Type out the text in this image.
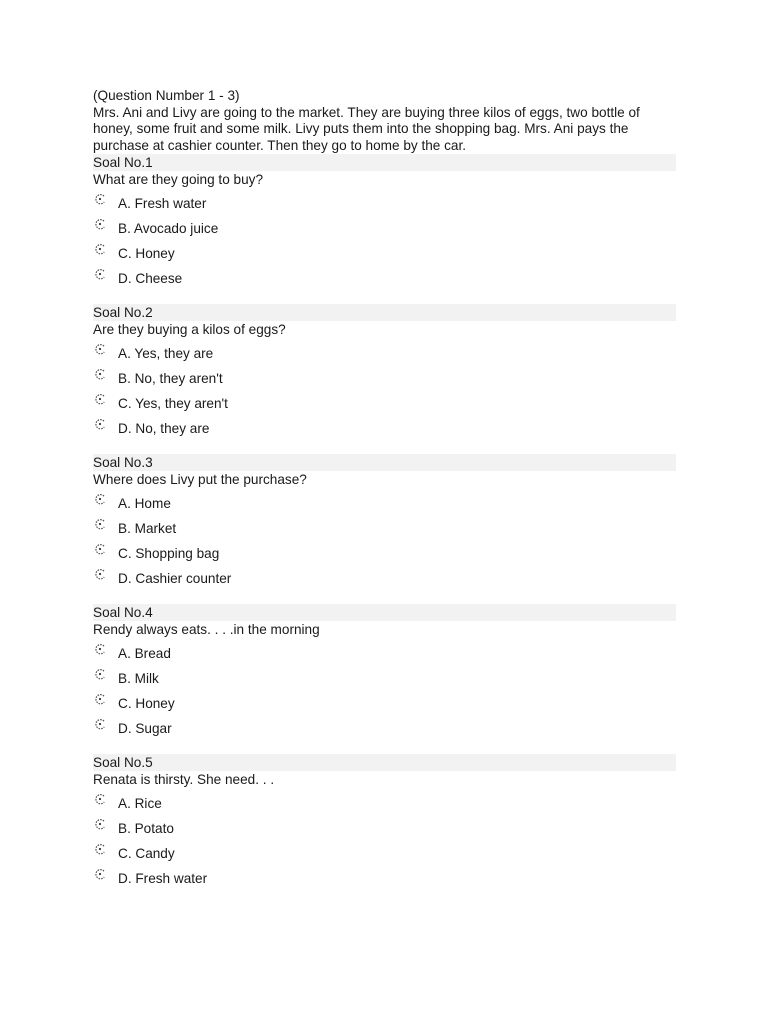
(Question Number 1 - 3)

Mrs. Ani and Livy are going to the market. They are buying three kilos of eggs, two bottle of honey, some fruit and some milk. Livy puts them into the shopping bag. Mrs. Ani pays the purchase at cashier counter. Then they go to home by the car.

Soal No.1
What are they going to buy?
A. Fresh water
B. Avocado juice
C. Honey
D. Cheese
Soal No.2
Are they buying a kilos of eggs?
A. Yes, they are
B. No, they aren't
C. Yes, they aren't
D. No, they are
Soal No.3
Where does Livy put the purchase?
A. Home
B. Market
C. Shopping bag
D. Cashier counter
Soal No.4
Rendy always eats. . . .in the morning
A. Bread
B. Milk
C. Honey
D. Sugar
Soal No.5
Renata is thirsty. She need. . .
A. Rice
B. Potato
C. Candy
D. Fresh water
